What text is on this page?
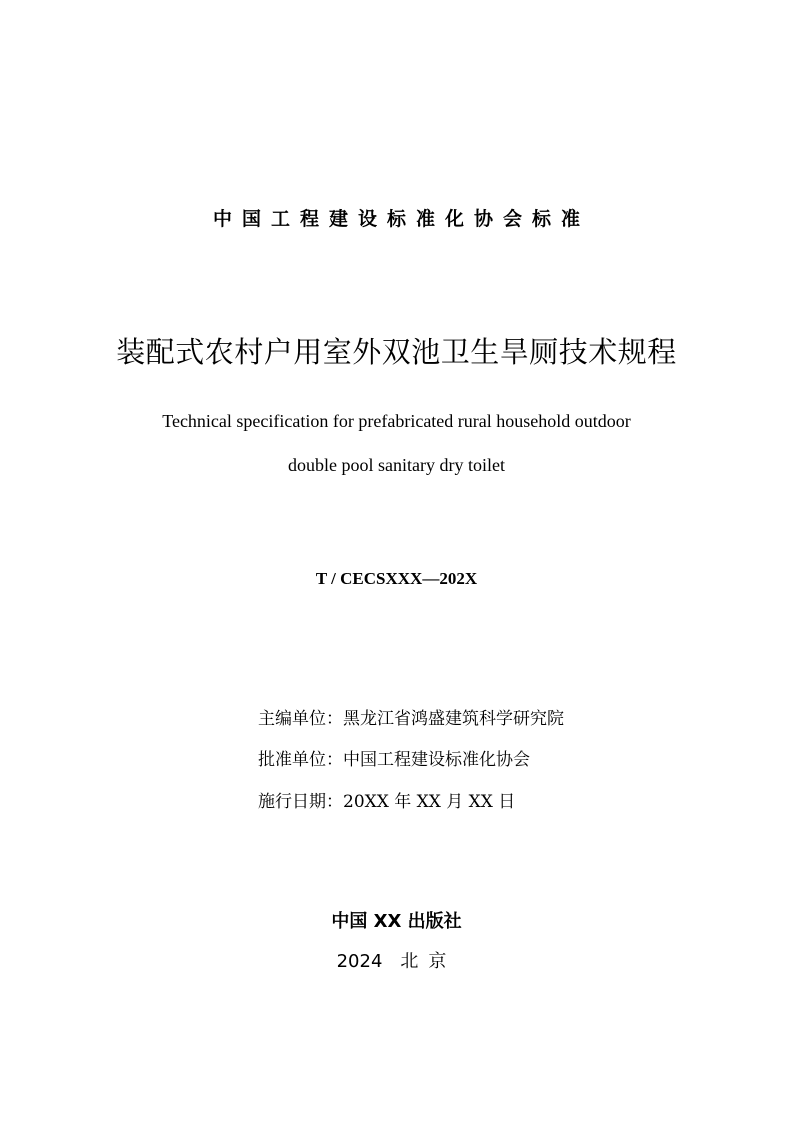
中国工程建设标准化协会标准
装配式农村户用室外双池卫生旱厕技术规程
Technical specification for prefabricated rural household outdoor
double pool sanitary dry toilet
T / CECSXXX—202X
主编单位：黑龙江省鸿盛建筑科学研究院
批准单位：中国工程建设标准化协会
施行日期：20XX 年 XX 月 XX 日
中国 XX 出版社
2024 北京
